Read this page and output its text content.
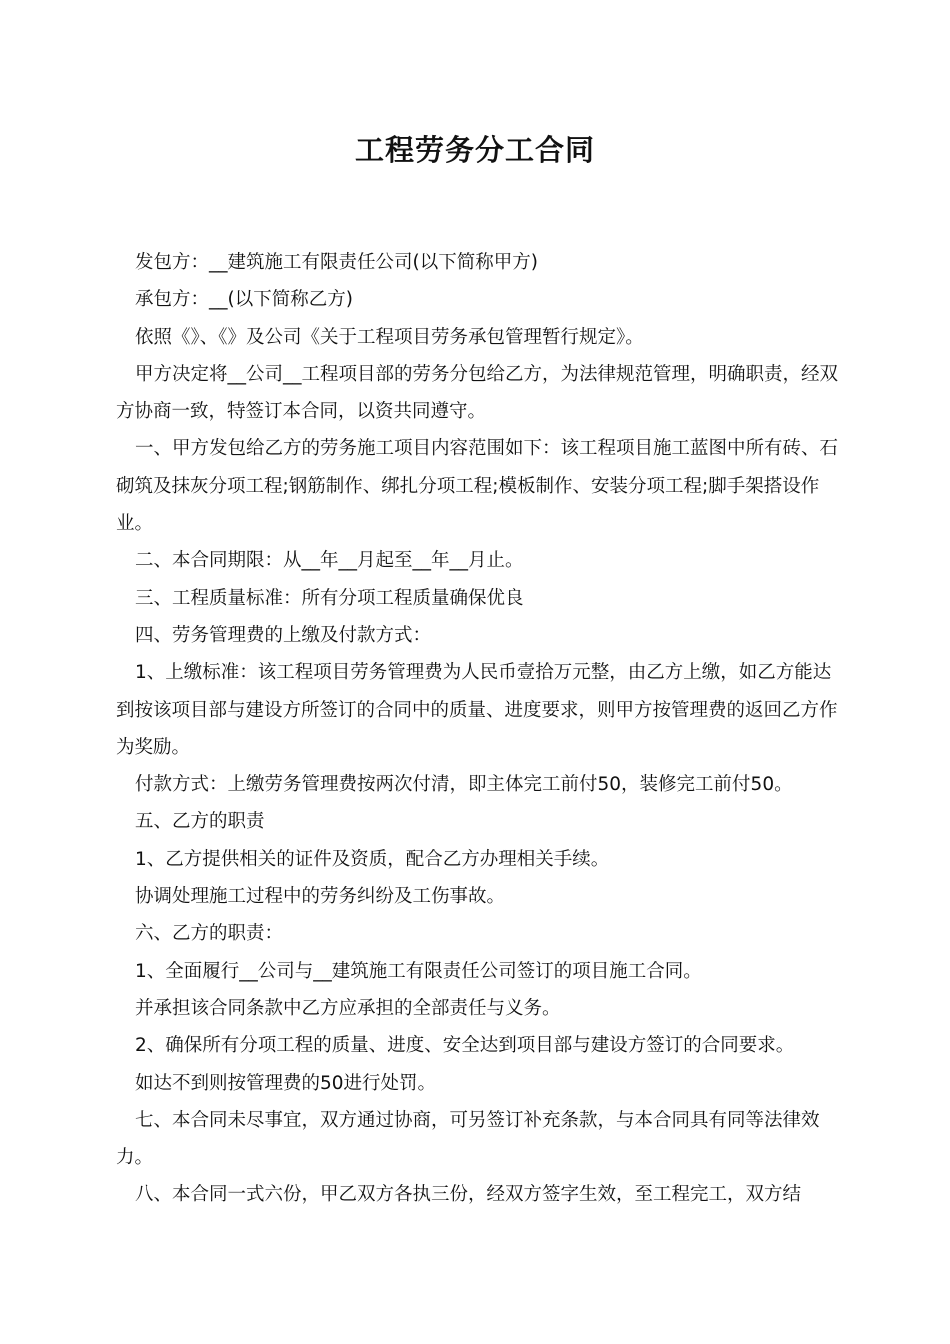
工程劳务分工合同

发包方：__建筑施工有限责任公司(以下简称甲方)

承包方：__(以下简称乙方)

依照《》、《》及公司《关于工程项目劳务承包管理暂行规定》。

甲方决定将__公司__工程项目部的劳务分包给乙方，为法律规范管理，明确职责，经双方协商一致，特签订本合同，以资共同遵守。

一、甲方发包给乙方的劳务施工项目内容范围如下：该工程项目施工蓝图中所有砖、石砌筑及抹灰分项工程;钢筋制作、绑扎分项工程;模板制作、安装分项工程;脚手架搭设作业。

二、本合同期限：从__年__月起至__年__月止。

三、工程质量标准：所有分项工程质量确保优良

四、劳务管理费的上缴及付款方式：

1、上缴标准：该工程项目劳务管理费为人民币壹拾万元整，由乙方上缴，如乙方能达到按该项目部与建设方所签订的合同中的质量、进度要求，则甲方按管理费的返回乙方作为奖励。

付款方式：上缴劳务管理费按两次付清，即主体完工前付50，装修完工前付50。

五、乙方的职责

1、乙方提供相关的证件及资质，配合乙方办理相关手续。

协调处理施工过程中的劳务纠纷及工伤事故。

六、乙方的职责：

1、全面履行__公司与__建筑施工有限责任公司签订的项目施工合同。

并承担该合同条款中乙方应承担的全部责任与义务。

2、确保所有分项工程的质量、进度、安全达到项目部与建设方签订的合同要求。

如达不到则按管理费的50进行处罚。

七、本合同未尽事宜，双方通过协商，可另签订补充条款，与本合同具有同等法律效力。

八、本合同一式六份，甲乙双方各执三份，经双方签字生效，至工程完工，双方结
